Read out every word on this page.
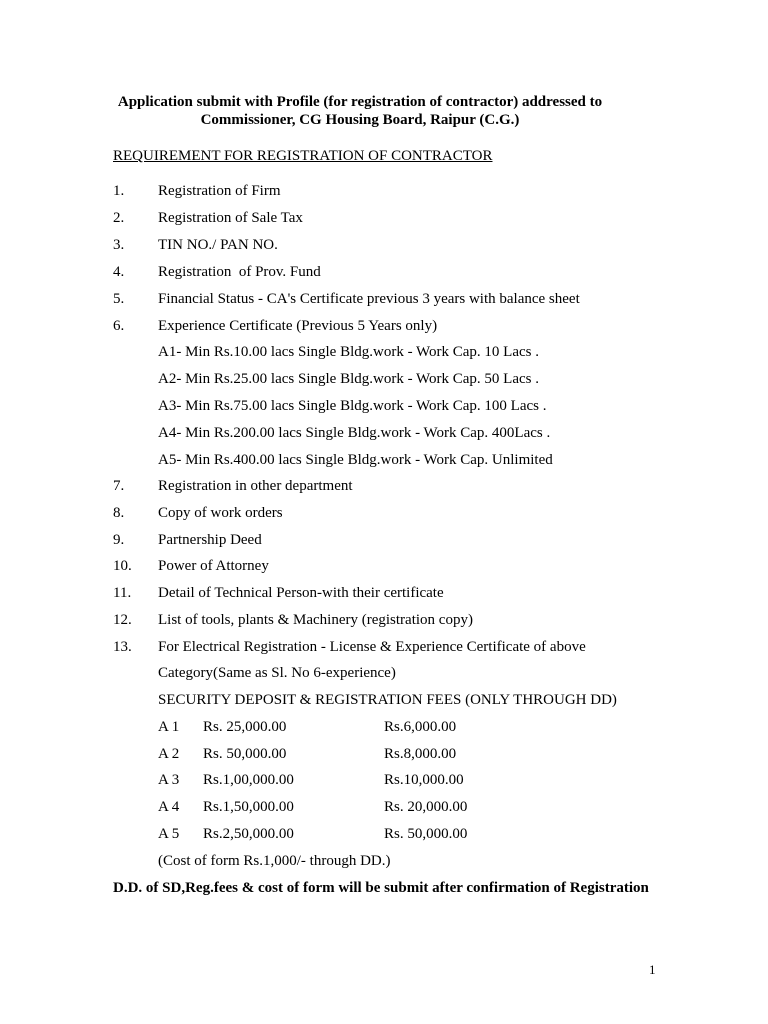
Application submit with Profile (for registration of contractor) addressed to
Commissioner, CG Housing Board, Raipur (C.G.)
REQUIREMENT FOR REGISTRATION OF CONTRACTOR
1. Registration of Firm
2. Registration of Sale Tax
3. TIN NO./ PAN NO.
4. Registration  of Prov. Fund
5. Financial Status - CA's Certificate previous 3 years with balance sheet
6. Experience Certificate (Previous 5 Years only)
A1- Min Rs.10.00 lacs Single Bldg.work - Work Cap. 10 Lacs .
A2- Min Rs.25.00 lacs Single Bldg.work - Work Cap. 50 Lacs .
A3- Min Rs.75.00 lacs Single Bldg.work - Work Cap. 100 Lacs .
A4- Min Rs.200.00 lacs Single Bldg.work - Work Cap. 400Lacs .
A5- Min Rs.400.00 lacs Single Bldg.work - Work Cap. Unlimited
7. Registration in other department
8. Copy of work orders
9. Partnership Deed
10. Power of Attorney
11. Detail of Technical Person-with their certificate
12. List of tools, plants & Machinery (registration copy)
13. For Electrical Registration - License & Experience Certificate of above
Category(Same as Sl. No 6-experience)
SECURITY DEPOSIT & REGISTRATION FEES (ONLY THROUGH DD)
A 1 Rs. 25,000.00	Rs.6,000.00
A 2 Rs. 50,000.00	Rs.8,000.00
A 3 Rs.1,00,000.00	Rs.10,000.00
A 4 Rs.1,50,000.00	Rs. 20,000.00
A 5 Rs.2,50,000.00	Rs. 50,000.00
(Cost of form Rs.1,000/- through DD.)
D.D. of SD,Reg.fees & cost of form will be submit after confirmation of Registration
1
